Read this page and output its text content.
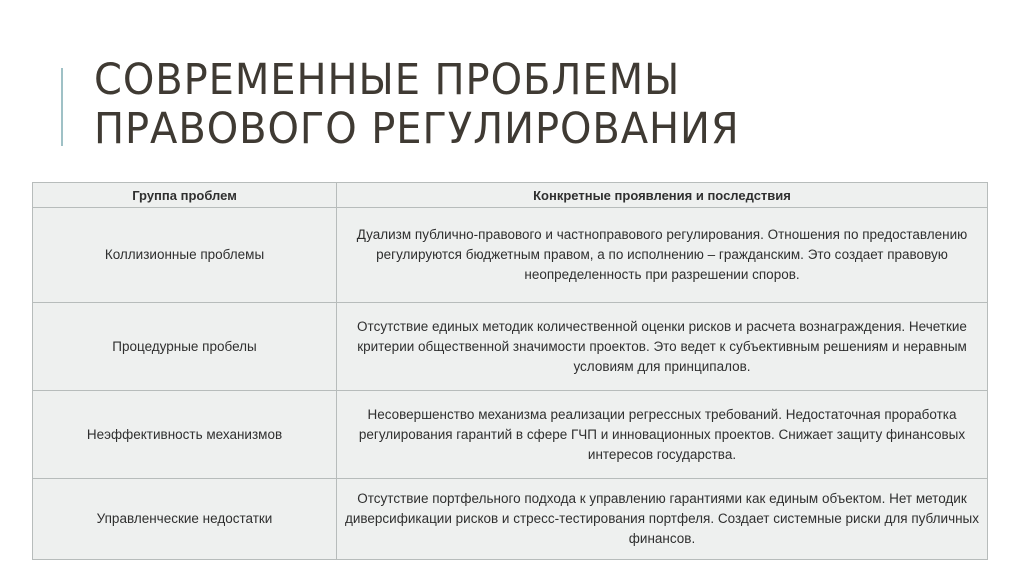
СОВРЕМЕННЫЕ ПРОБЛЕМЫ
ПРАВОВОГО РЕГУЛИРОВАНИЯ
Группа проблем	Конкретные проявления и последствия
Коллизионные проблемы	Дуализм публично-правового и частноправового регулирования. Отношения по предоставлению регулируются бюджетным правом, а по исполнению – гражданским. Это создает правовую неопределенность при разрешении споров.
Процедурные пробелы	Отсутствие единых методик количественной оценки рисков и расчета вознаграждения. Нечеткие критерии общественной значимости проектов. Это ведет к субъективным решениям и неравным условиям для принципалов.
Неэффективность механизмов	Несовершенство механизма реализации регрессных требований. Недостаточная проработка регулирования гарантий в сфере ГЧП и инновационных проектов. Снижает защиту финансовых интересов государства.
Управленческие недостатки	Отсутствие портфельного подхода к управлению гарантиями как единым объектом. Нет методик диверсификации рисков и стресс-тестирования портфеля. Создает системные риски для публичных финансов.
